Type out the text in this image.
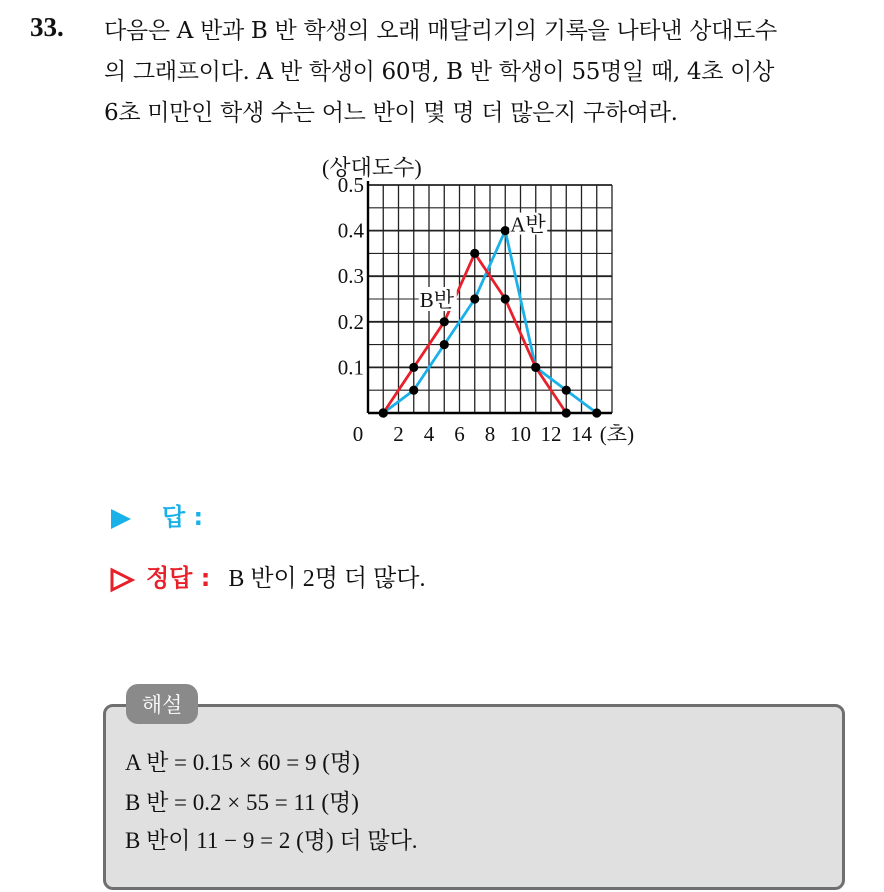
33. 다음은 A 반과 B 반 학생의 오래 매달리기의 기록을 나타낸 상대도수
의 그래프이다. A 반 학생이 60명, B 반 학생이 55명일 때, 4초 이상
6초 미만인 학생 수는 어느 반이 몇 명 더 많은지 구하여라.
0.1
0.2
0.3
0.4
0.5
2 4 6 8 10 12 14
0	(초)
(상대도수)
A반
B반
답 :
정답 : B 반이 2명 더 많다.
해설
A 반 = 0.15 × 60 = 9 (명)
B 반 = 0.2 × 55 = 11 (명)
B 반이 11 − 9 = 2 (명) 더 많다.
